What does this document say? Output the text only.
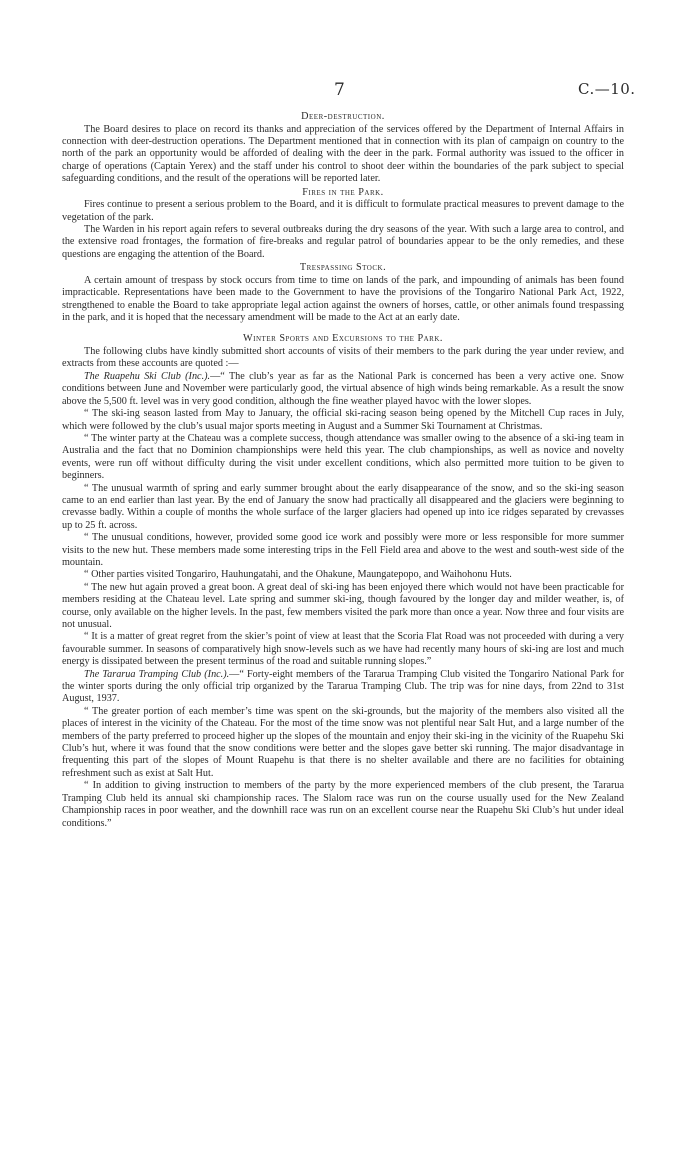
7	C.—10.
Deer-destruction.

The Board desires to place on record its thanks and appreciation of the services offered by the Department of Internal Affairs in connection with deer-destruction operations. The Department mentioned that in connection with its plan of campaign on country to the north of the park an opportunity would be afforded of dealing with the deer in the park. Formal authority was issued to the officer in charge of operations (Captain Yerex) and the staff under his control to shoot deer within the boundaries of the park subject to special safeguarding conditions, and the result of the operations will be reported later.

Fires in the Park.

Fires continue to present a serious problem to the Board, and it is difficult to formulate practical measures to prevent damage to the vegetation of the park.

The Warden in his report again refers to several outbreaks during the dry seasons of the year. With such a large area to control, and the extensive road frontages, the formation of fire-breaks and regular patrol of boundaries appear to be the only remedies, and these questions are engaging the attention of the Board.

Trespassing Stock.

A certain amount of trespass by stock occurs from time to time on lands of the park, and impounding of animals has been found impracticable. Representations have been made to the Government to have the provisions of the Tongariro National Park Act, 1922, strengthened to enable the Board to take appropriate legal action against the owners of horses, cattle, or other animals found trespassing in the park, and it is hoped that the necessary amendment will be made to the Act at an early date.

Winter Sports and Excursions to the Park.

The following clubs have kindly submitted short accounts of visits of their members to the park during the year under review, and extracts from these accounts are quoted :—

The Ruapehu Ski Club (Inc.).—“ The club’s year as far as the National Park is concerned has been a very active one. Snow conditions between June and November were particularly good, the virtual absence of high winds being remarkable. As a result the snow above the 5,500 ft. level was in very good condition, although the fine weather played havoc with the lower slopes.

“ The ski-ing season lasted from May to January, the official ski-racing season being opened by the Mitchell Cup races in July, which were followed by the club’s usual major sports meeting in August and a Summer Ski Tournament at Christmas.

“ The winter party at the Chateau was a complete success, though attendance was smaller owing to the absence of a ski-ing team in Australia and the fact that no Dominion championships were held this year. The club championships, as well as novice and novelty events, were run off without difficulty during the visit under excellent conditions, which also permitted more tuition to be given to beginners.

“ The unusual warmth of spring and early summer brought about the early disappearance of the snow, and so the ski-ing season came to an end earlier than last year. By the end of January the snow had practically all disappeared and the glaciers were beginning to crevasse badly. Within a couple of months the whole surface of the larger glaciers had opened up into ice ridges separated by crevasses up to 25 ft. across.

“ The unusual conditions, however, provided some good ice work and possibly were more or less responsible for more summer visits to the new hut. These members made some interesting trips in the Fell Field area and above to the west and south-west side of the mountain.

“ Other parties visited Tongariro, Hauhungatahi, and the Ohakune, Maungatepopo, and Waihohonu Huts.

“ The new hut again proved a great boon. A great deal of ski-ing has been enjoyed there which would not have been practicable for members residing at the Chateau level. Late spring and summer ski-ing, though favoured by the longer day and milder weather, is, of course, only available on the higher levels. In the past, few members visited the park more than once a year. Now three and four visits are not unusual.

“ It is a matter of great regret from the skier’s point of view at least that the Scoria Flat Road was not proceeded with during a very favourable summer. In seasons of comparatively high snow-levels such as we have had recently many hours of ski-ing are lost and much energy is dissipated between the present terminus of the road and suitable running slopes.”

The Tararua Tramping Club (Inc.).—“ Forty-eight members of the Tararua Tramping Club visited the Tongariro National Park for the winter sports during the only official trip organized by the Tararua Tramping Club. The trip was for nine days, from 22nd to 31st August, 1937.

“ The greater portion of each member’s time was spent on the ski-grounds, but the majority of the members also visited all the places of interest in the vicinity of the Chateau. For the most of the time snow was not plentiful near Salt Hut, and a large number of the members of the party preferred to proceed higher up the slopes of the mountain and enjoy their ski-ing in the vicinity of the Ruapehu Ski Club’s hut, where it was found that the snow conditions were better and the slopes gave better ski running. The major disadvantage in frequenting this part of the slopes of Mount Ruapehu is that there is no shelter available and there are no facilities for obtaining refreshment such as exist at Salt Hut.

“ In addition to giving instruction to members of the party by the more experienced members of the club present, the Tararua Tramping Club held its annual ski championship races. The Slalom race was run on the course usually used for the New Zealand Championship races in poor weather, and the downhill race was run on an excellent course near the Ruapehu Ski Club’s hut under ideal conditions.”
